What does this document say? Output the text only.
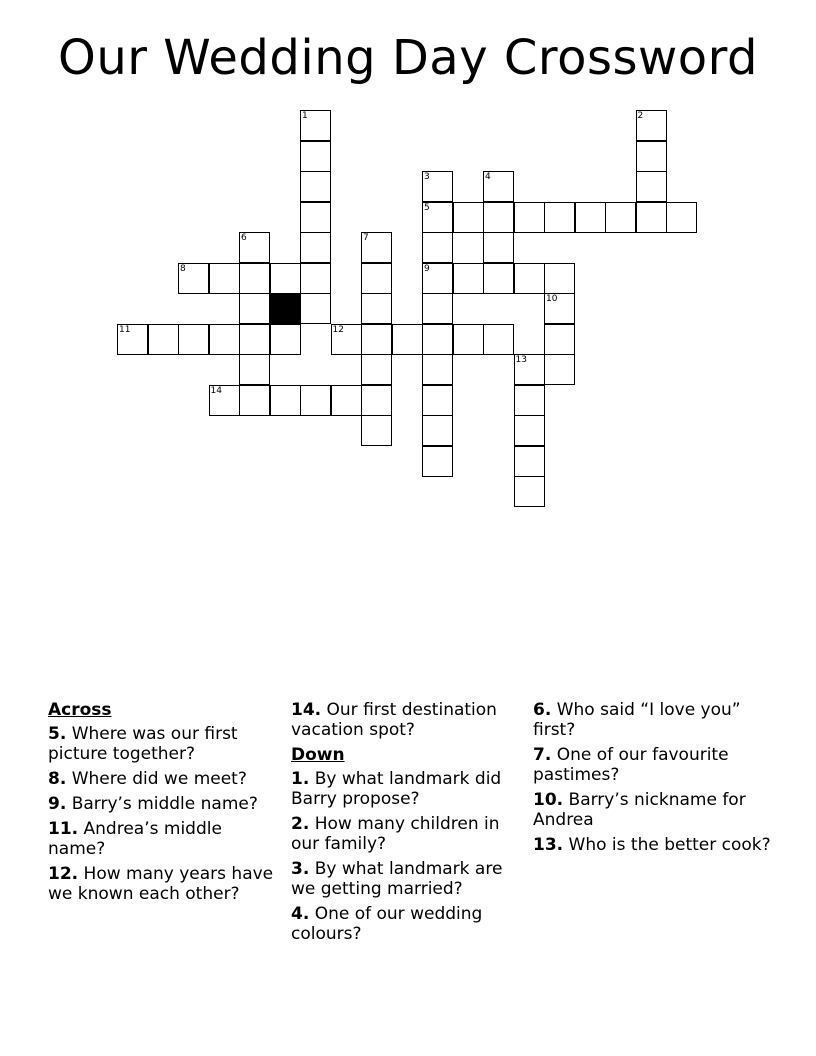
Our Wedding Day Crossword
1	2
3	4
5
6	7
8	9
10
11	12
13
14
Across
5. Where was our first picture together?
8. Where did we meet?
9. Barry’s middle name?
11. Andrea’s middle name?
12. How many years have we known each other?
14. Our first destination vacation spot?
Down
1. By what landmark did Barry propose?
2. How many children in our family?
3. By what landmark are we getting married?
4. One of our wedding colours?
6. Who said “I love you” first?
7. One of our favourite pastimes?
10. Barry’s nickname for Andrea
13. Who is the better cook?
